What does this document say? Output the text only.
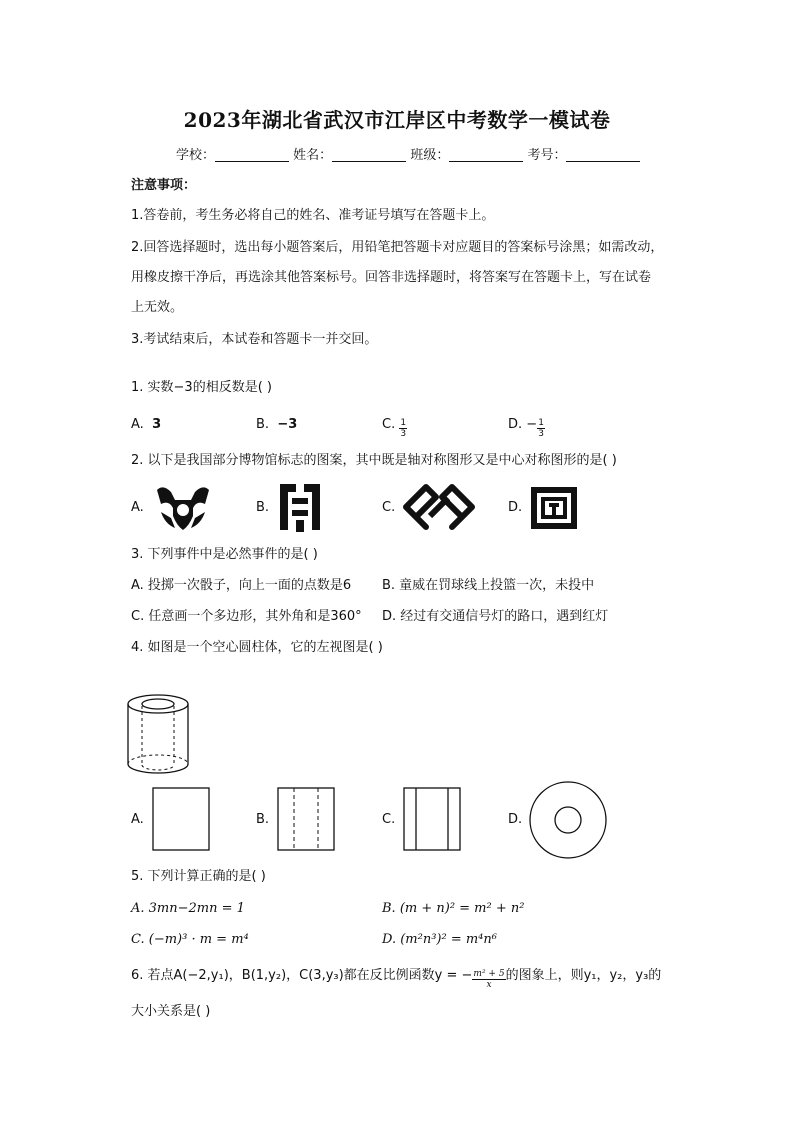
2023年湖北省武汉市江岸区中考数学一模试卷
学校：	姓名：	班级：	考号：
注意事项：
1.答卷前，考生务必将自己的姓名、准考证号填写在答题卡上。
2.回答选择题时，选出每小题答案后，用铅笔把答题卡对应题目的答案标号涂黑；如需改动，
用橡皮擦干净后，再选涂其他答案标号。回答非选择题时，将答案写在答题卡上，写在试卷
上无效。
3.考试结束后，本试卷和答题卡一并交回。
1. 实数−3的相反数是( )
A. 3	B. −3	C. $\frac{1}{3}$	D. − $\frac{1}{3}$
2. 以下是我国部分博物馆标志的图案，其中既是轴对称图形又是中心对称图形的是( )
A.	B.	C.	D.
3. 下列事件中是必然事件的是( )
A. 投掷一次骰子，向上一面的点数是6 B. 童威在罚球线上投篮一次，未投中
C. 任意画一个多边形，其外角和是360° D. 经过有交通信号灯的路口，遇到红灯
4. 如图是一个空心圆柱体，它的左视图是( )
A.	B.	C.	D.
5. 下列计算正确的是( )
A. 3mn−2mn = 1	B. (m + n)² = m² + n²
C. (−m)³ · m = m⁴	D. (m²n³)² = m⁴n⁶
6. 若点A(−2,y₁)，B(1,y₂)，C(3,y₃)都在反比例函数y = − $\frac{\text{m² + 5}}{x}$ 的图象上，则y₁，y₂，y₃的
大小关系是( )
